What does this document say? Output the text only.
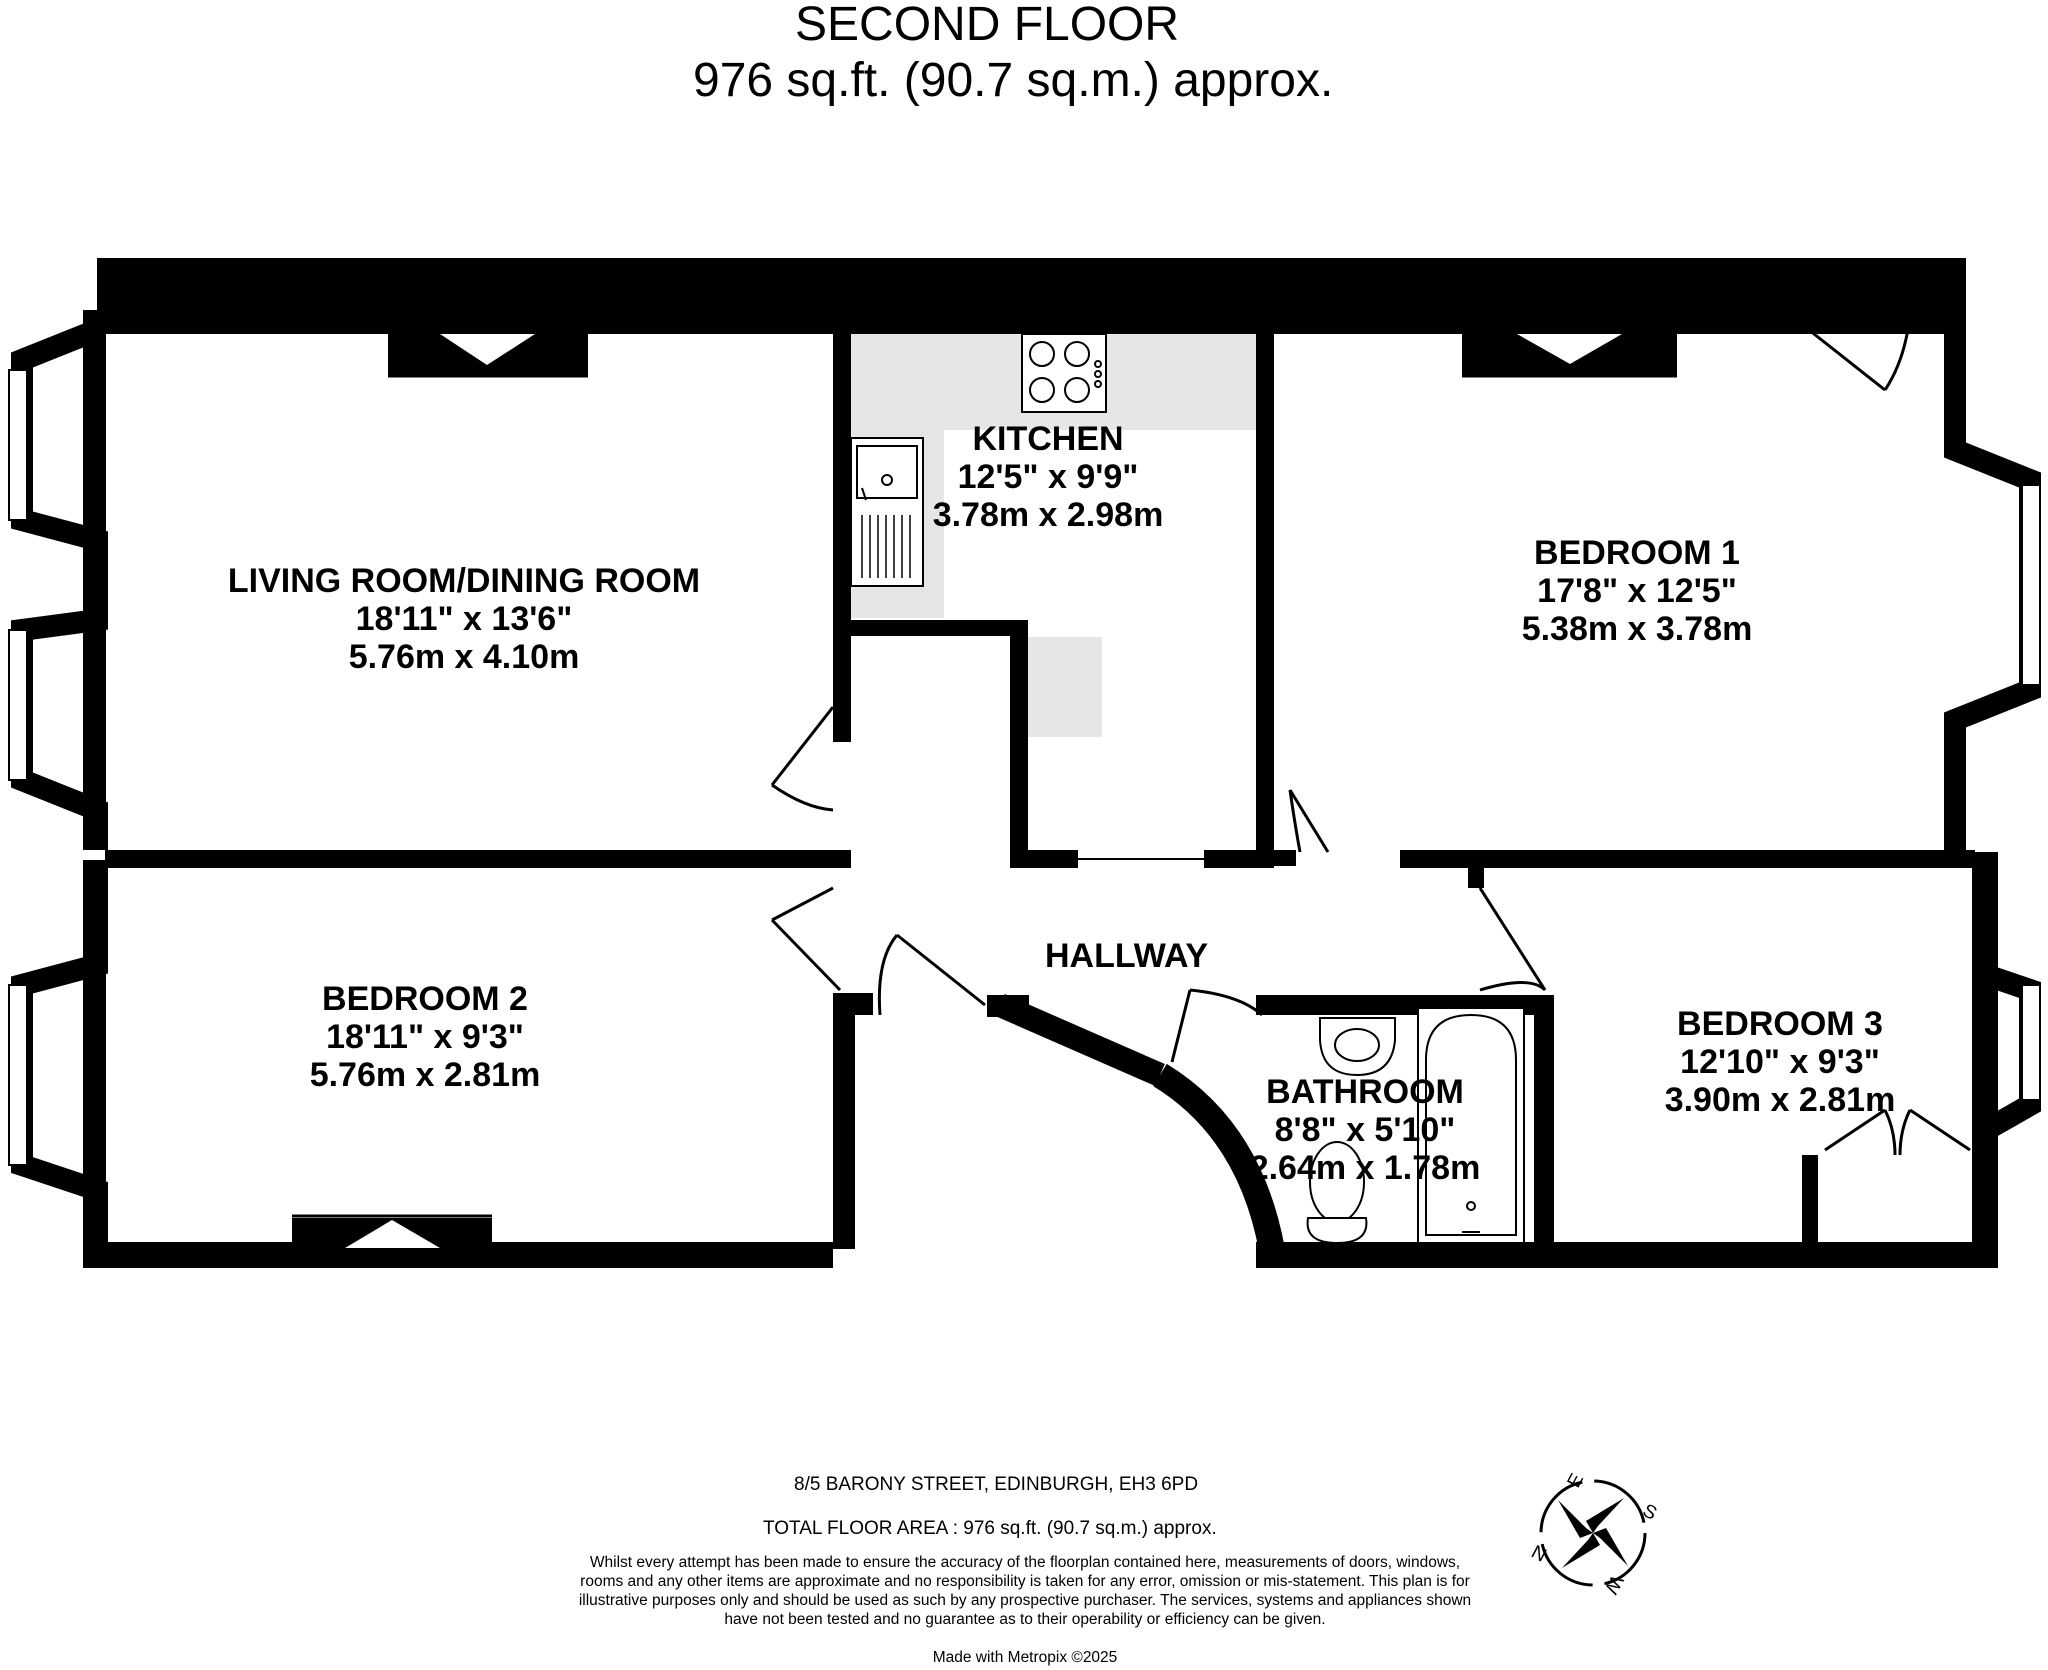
SECOND FLOOR
976 sq.ft. (90.7 sq.m.) approx.
LIVING ROOM/DINING ROOM
18'11" x 13'6"
5.76m x 4.10m
KITCHEN
12'5" x 9'9"
3.78m x 2.98m
BEDROOM 1
17'8" x 12'5"
5.38m x 3.78m
BEDROOM 2
18'11" x 9'3"
5.76m x 2.81m
BEDROOM 3
12'10" x 9'3"
3.90m x 2.81m
BATHROOM
8'8" x 5'10"
2.64m x 1.78m
HALLWAY
E
S
W
N
8/5 BARONY STREET, EDINBURGH, EH3 6PD
TOTAL FLOOR AREA : 976 sq.ft. (90.7 sq.m.) approx.
Whilst every attempt has been made to ensure the accuracy of the floorplan contained here, measurements of doors, windows, rooms and any other items are approximate and no responsibility is taken for any error, omission or mis-statement. This plan is for illustrative purposes only and should be used as such by any prospective purchaser. The services, systems and appliances shown have not been tested and no guarantee as to their operability or efficiency can be given.
Made with Metropix ©2025
